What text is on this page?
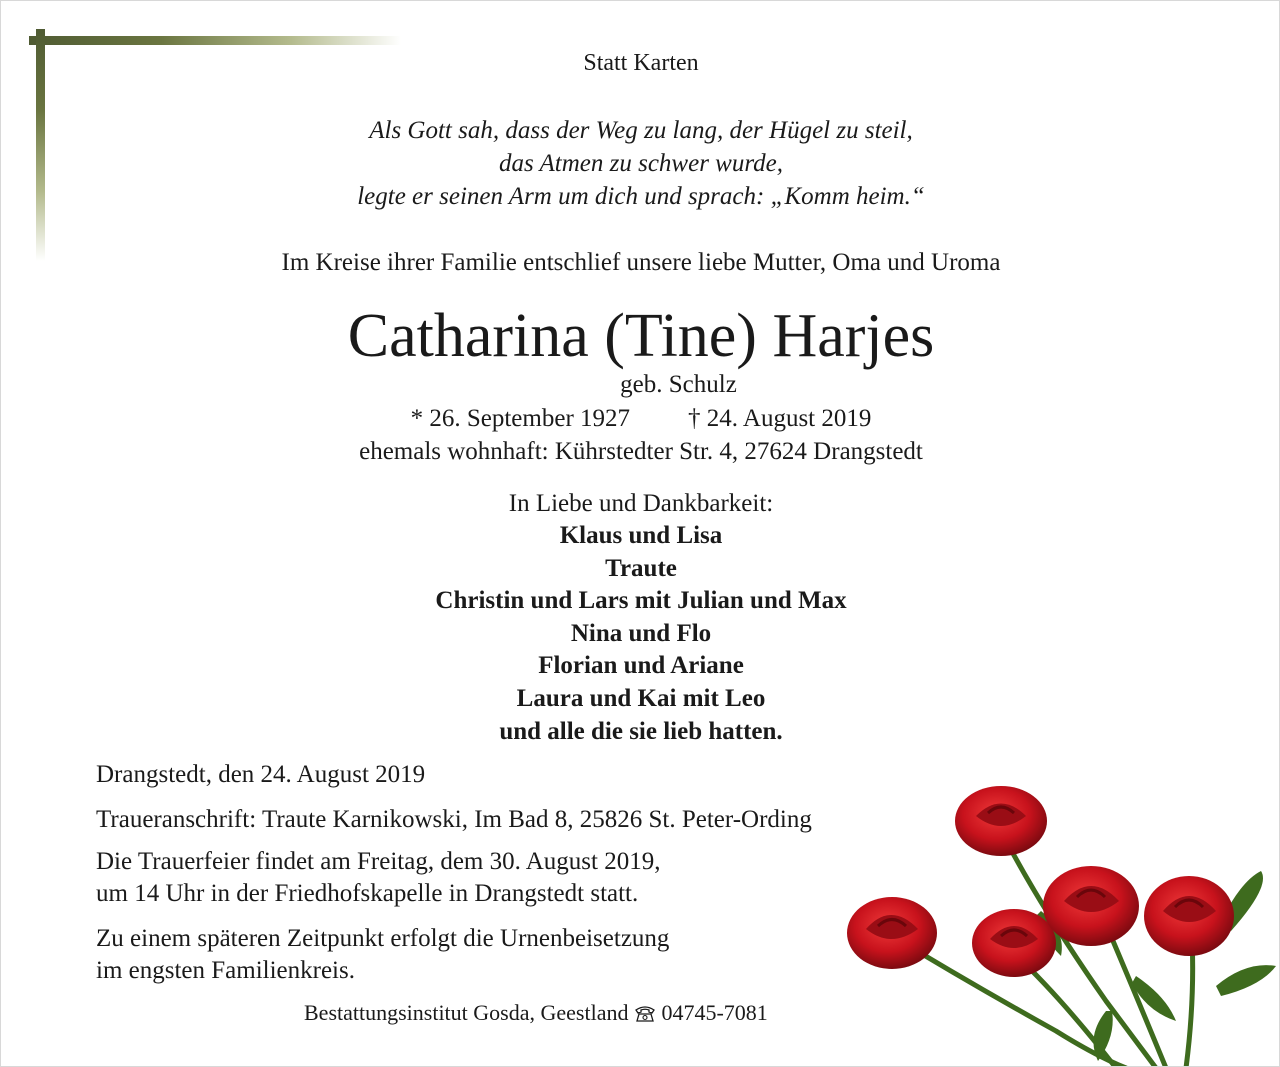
Statt Karten
Als Gott sah, dass der Weg zu lang, der Hügel zu steil,
das Atmen zu schwer wurde,
legte er seinen Arm um dich und sprach: „Komm heim.“
Im Kreise ihrer Familie entschlief unsere liebe Mutter, Oma und Uroma
Catharina (Tine) Harjes
geb. Schulz
* 26. September 1927 † 24. August 2019
ehemals wohnhaft: Kührstedter Str. 4, 27624 Drangstedt
In Liebe und Dankbarkeit:
Klaus und Lisa
Traute
Christin und Lars mit Julian und Max
Nina und Flo
Florian und Ariane
Laura und Kai mit Leo
und alle die sie lieb hatten.
Drangstedt, den 24. August 2019
Traueranschrift: Traute Karnikowski, Im Bad 8, 25826 St. Peter-Ording
Die Trauerfeier findet am Freitag, dem 30. August 2019,
um 14 Uhr in der Friedhofskapelle in Drangstedt statt.
Zu einem späteren Zeitpunkt erfolgt die Urnenbeisetzung
im engsten Familienkreis.
Bestattungsinstitut Gosda, Geestland 04745-7081
